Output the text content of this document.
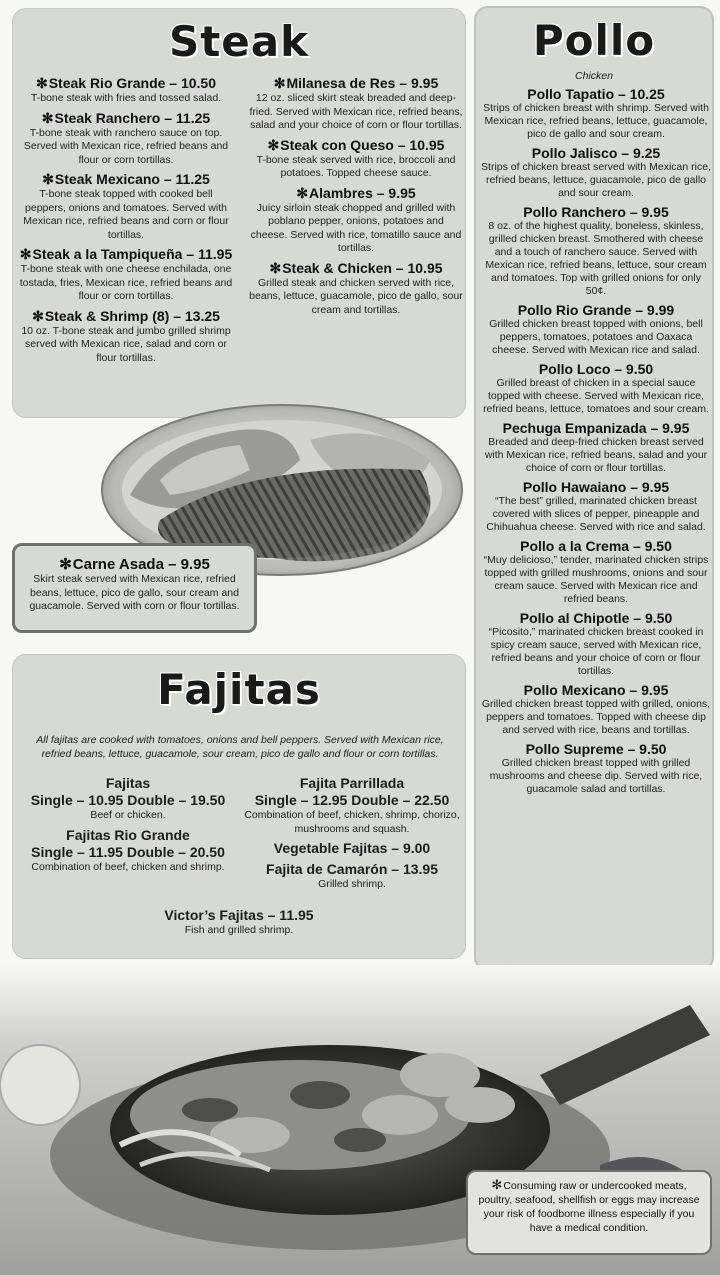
Steak
✻Steak Rio Grande – 10.50
T-bone steak with fries and tossed salad.
✻Steak Ranchero – 11.25
T-bone steak with ranchero sauce on top. Served with Mexican rice, refried beans and flour or corn tortillas.
✻Steak Mexicano – 11.25
T-bone steak topped with cooked bell peppers, onions and tomatoes. Served with Mexican rice, refried beans and corn or flour tortillas.
✻Steak a la Tampiqueña – 11.95
T-bone steak with one cheese enchilada, one tostada, fries, Mexican rice, refried beans and flour or corn tortillas.
✻Steak & Shrimp (8) – 13.25
10 oz. T-bone steak and jumbo grilled shrimp served with Mexican rice, salad and corn or flour tortillas.
✻Milanesa de Res – 9.95
12 oz. sliced skirt steak breaded and deep-fried. Served with Mexican rice, refried beans, salad and your choice of corn or flour tortillas.
✻Steak con Queso – 10.95
T-bone steak served with rice, broccoli and potatoes. Topped cheese sauce.
✻Alambres – 9.95
Juicy sirloin steak chopped and grilled with poblano pepper, onions, potatoes and cheese. Served with rice, tomatillo sauce and tortillas.
✻Steak & Chicken – 10.95
Grilled steak and chicken served with rice, beans, lettuce, guacamole, pico de gallo, sour cream and tortillas.
✻Carne Asada – 9.95
Skirt steak served with Mexican rice, refried beans, lettuce, pico de gallo, sour cream and guacamole. Served with corn or flour tortillas.
Pollo
Chicken
Pollo Tapatio – 10.25
Strips of chicken breast with shrimp. Served with Mexican rice, refried beans, lettuce, guacamole, pico de gallo and sour cream.
Pollo Jalisco – 9.25
Strips of chicken breast served with Mexican rice, refried beans, lettuce, guacamole, pico de gallo and sour cream.
Pollo Ranchero – 9.95
8 oz. of the highest quality, boneless, skinless, grilled chicken breast. Smothered with cheese and a touch of ranchero sauce. Served with Mexican rice, refried beans, lettuce, sour cream and tomatoes. Top with grilled onions for only 50¢.
Pollo Rio Grande – 9.99
Grilled chicken breast topped with onions, bell peppers, tomatoes, potatoes and Oaxaca cheese. Served with Mexican rice and salad.
Pollo Loco – 9.50
Grilled breast of chicken in a special sauce topped with cheese. Served with Mexican rice, refried beans, lettuce, tomatoes and sour cream.
Pechuga Empanizada – 9.95
Breaded and deep-fried chicken breast served with Mexican rice, refried beans, salad and your choice of corn or flour tortillas.
Pollo Hawaiano – 9.95
“The best” grilled, marinated chicken breast covered with slices of pepper, pineapple and Chihuahua cheese. Served with rice and salad.
Pollo a la Crema – 9.50
“Muy delicioso,” tender, marinated chicken strips topped with grilled mushrooms, onions and sour cream sauce. Served with Mexican rice and refried beans.
Pollo al Chipotle – 9.50
“Picosito,” marinated chicken breast cooked in spicy cream sauce, served with Mexican rice, refried beans and your choice of corn or flour tortillas.
Pollo Mexicano – 9.95
Grilled chicken breast topped with grilled, onions, peppers and tomatoes. Topped with cheese dip and served with rice, beans and tortillas.
Pollo Supreme – 9.50
Grilled chicken breast topped with grilled mushrooms and cheese dip. Served with rice, guacamole salad and tortillas.
Fajitas
All fajitas are cooked with tomatoes, onions and bell peppers. Served with Mexican rice, refried beans, lettuce, guacamole, sour cream, pico de gallo and flour or corn tortillas.
Fajitas
Single – 10.95 Double – 19.50
Beef or chicken.
Fajitas Rio Grande
Single – 11.95 Double – 20.50
Combination of beef, chicken and shrimp.
Fajita Parrillada
Single – 12.95 Double – 22.50
Combination of beef, chicken, shrimp, chorizo, mushrooms and squash.
Vegetable Fajitas – 9.00
Fajita de Camarón – 13.95
Grilled shrimp.
Victor’s Fajitas – 11.95
Fish and grilled shrimp.
✻Consuming raw or undercooked meats, poultry, seafood, shellfish or eggs may increase your risk of foodborne illness especially if you have a medical condition.
